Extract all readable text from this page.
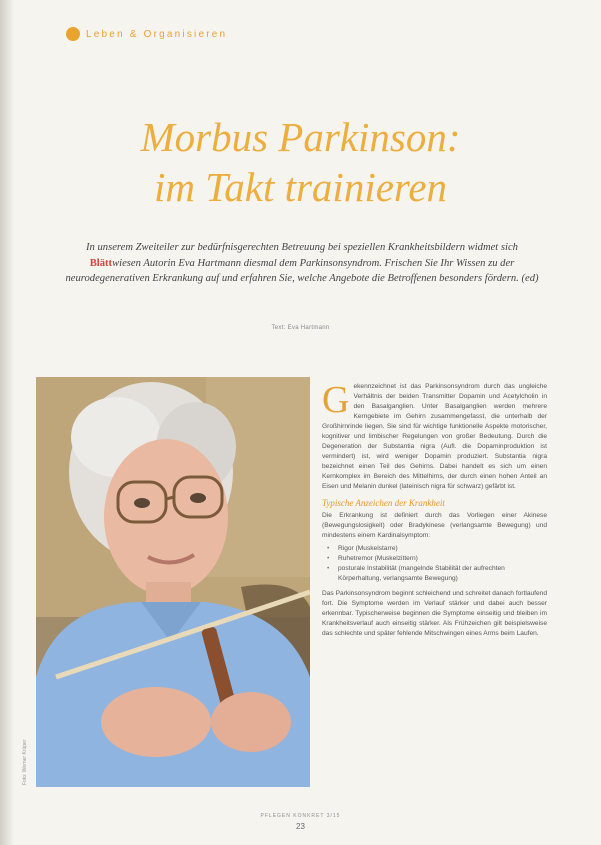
Leben & Organisieren
Morbus Parkinson:
im Takt trainieren
In unserem Zweiteiler zur bedürfnisgerechten Betreuung bei speziellen Krankheitsbildern widmet sich Blättwiesen Autorin Eva Hartmann diesmal dem Parkinsonsyndrom. Frischen Sie Ihr Wissen zu der neurodegenerativen Erkrankung auf und erfahren Sie, welche Angebote die Betroffenen besonders fördern. (ed)
Text: Eva Hartmann
Foto: Werner Krüper
G ekennzeichnet ist das Parkinsonsyndrom durch das ungleiche Verhältnis der beiden Transmitter Dopamin und Acetylcholin in den Basalganglien. Unter Basalganglien werden mehrere Kerngebiete im Gehirn zusammengefasst, die unterhalb der Großhirnrinde liegen. Sie sind für wichtige funktionelle Aspekte motorischer, kognitiver und limbischer Regelungen von großer Bedeutung. Durch die Degeneration der Substantia nigra (Aufl. die Dopaminproduktion ist vermindert) ist, wird weniger Dopamin produziert. Substantia nigra bezeichnet einen Teil des Gehirns. Dabei handelt es sich um einen Kernkomplex im Bereich des Mittelhirns, der durch einen hohen Anteil an Eisen und Melanin dunkel (lateinisch nigra für schwarz) gefärbt ist.

Typische Anzeichen der Krankheit

Die Erkrankung ist definiert durch das Vorliegen einer Akinese (Bewegungslosigkeit) oder Bradykinese (verlangsamte Bewegung) und mindestens einem Kardinalsymptom:

• Rigor (Muskelstarre)
• Ruhetremor (Muskelzittern)
• posturale Instabilität (mangelnde Stabilität der aufrechten Körperhaltung, verlangsamte Bewegung)

Das Parkinsonsyndrom beginnt schleichend und schreitet danach fortlaufend fort. Die Symptome werden im Verlauf stärker und dabei auch besser erkennbar. Typischerweise beginnen die Symptome einseitig und bleiben im Krankheitsverlauf auch einseitig stärker. Als Frühzeichen gilt beispielsweise das schlechte und später fehlende Mitschwingen eines Arms beim Laufen.

PFLEGEN KONKRET 3/15
23
